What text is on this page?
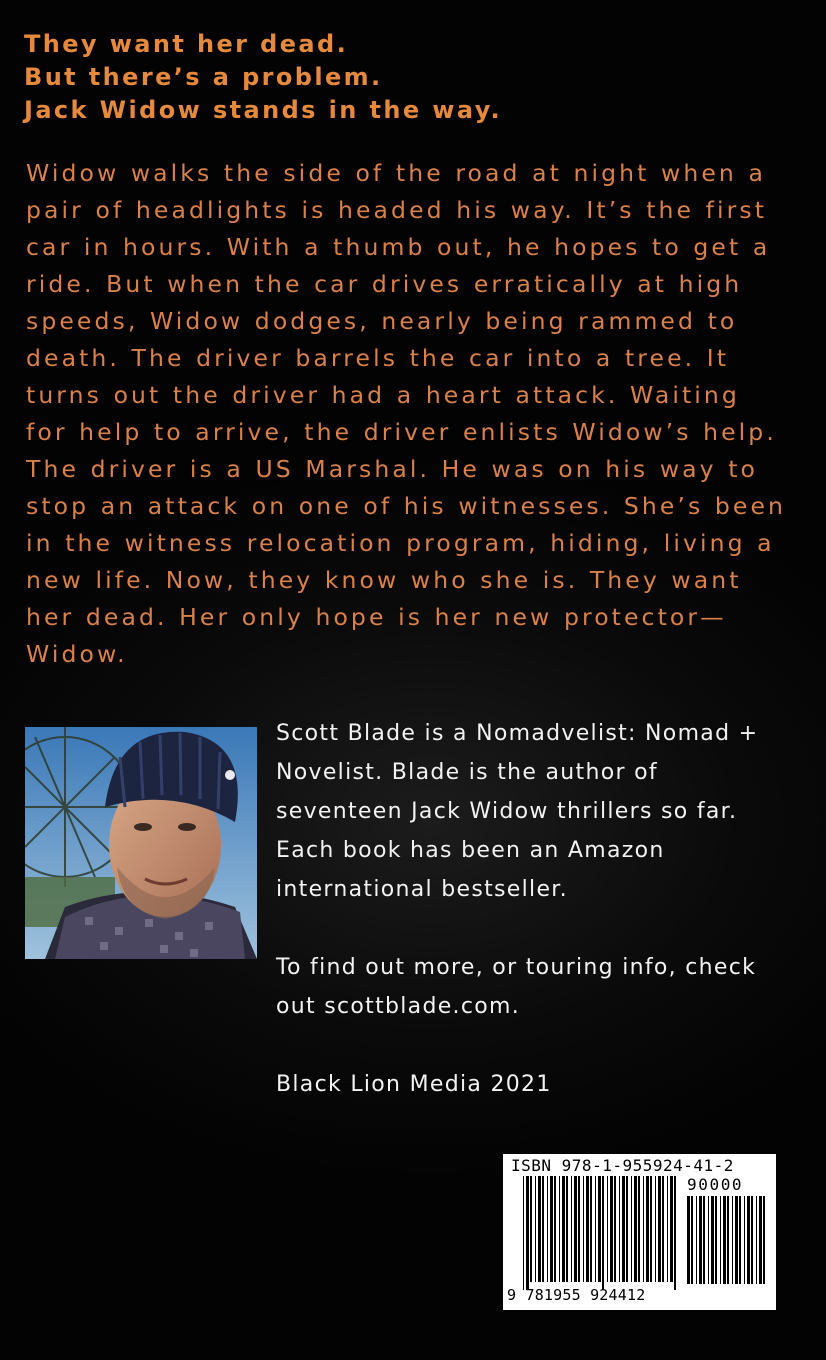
They want her dead.
But there’s a problem.
Jack Widow stands in the way.
Widow walks the side of the road at night when a
pair of headlights is headed his way. It’s the first
car in hours. With a thumb out, he hopes to get a
ride. But when the car drives erratically at high
speeds, Widow dodges, nearly being rammed to
death. The driver barrels the car into a tree. It
turns out the driver had a heart attack. Waiting
for help to arrive, the driver enlists Widow’s help.
The driver is a US Marshal. He was on his way to
stop an attack on one of his witnesses. She’s been
in the witness relocation program, hiding, living a
new life. Now, they know who she is. They want
her dead. Her only hope is her new protector—
Widow.
Scott Blade is a Nomadvelist: Nomad +
Novelist. Blade is the author of
seventeen Jack Widow thrillers so far.
Each book has been an Amazon
international bestseller.
To find out more, or touring info, check
out scottblade.com.
Black Lion Media 2021
ISBN 978-1-955924-41-2
90000
9 781955 924412
